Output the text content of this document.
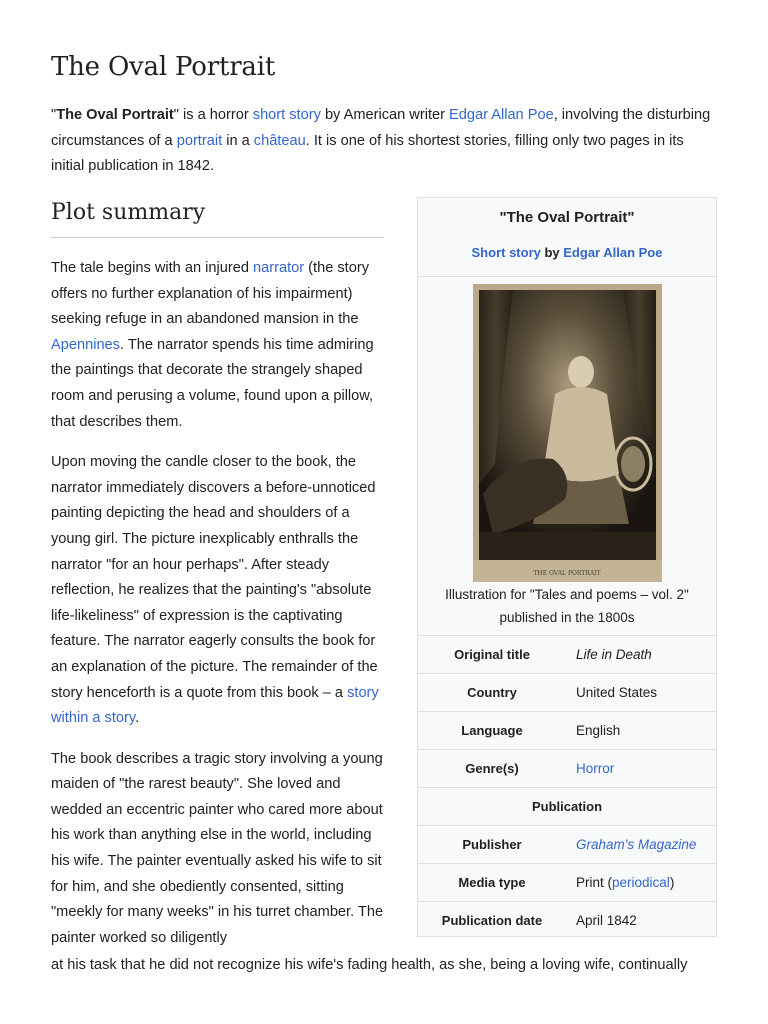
The Oval Portrait

"The Oval Portrait" is a horror short story by American writer Edgar Allan Poe, involving the disturbing circumstances of a portrait in a château. It is one of his shortest stories, filling only two pages in its initial publication in 1842.

Plot summary

The tale begins with an injured narrator (the story offers no further explanation of his impairment) seeking refuge in an abandoned mansion in the Apennines. The narrator spends his time admiring the paintings that decorate the strangely shaped room and perusing a volume, found upon a pillow, that describes them.

Upon moving the candle closer to the book, the narrator immediately discovers a before-unnoticed painting depicting the head and shoulders of a young girl. The picture inexplicably enthralls the narrator "for an hour perhaps". After steady reflection, he realizes that the painting's "absolute life-likeliness" of expression is the captivating feature. The narrator eagerly consults the book for an explanation of the picture. The remainder of the story henceforth is a quote from this book – a story within a story.

The book describes a tragic story involving a young maiden of "the rarest beauty". She loved and wedded an eccentric painter who cared more about his work than anything else in the world, including his wife. The painter eventually asked his wife to sit for him, and she obediently consented, sitting "meekly for many weeks" in his turret chamber. The painter worked so diligently

at his task that he did not recognize his wife's fading health, as she, being a loving wife, continually

"The Oval Portrait"
Short story by Edgar Allan Poe
THE OVAL PORTRAIT
Illustration for "Tales and poems – vol. 2" published in the 1800s
Original title	Life in Death
Country	United States
Language	English
Genre(s)	Horror
Publication
Publisher	Graham's Magazine
Media type	Print (periodical)
Publication date	April 1842
